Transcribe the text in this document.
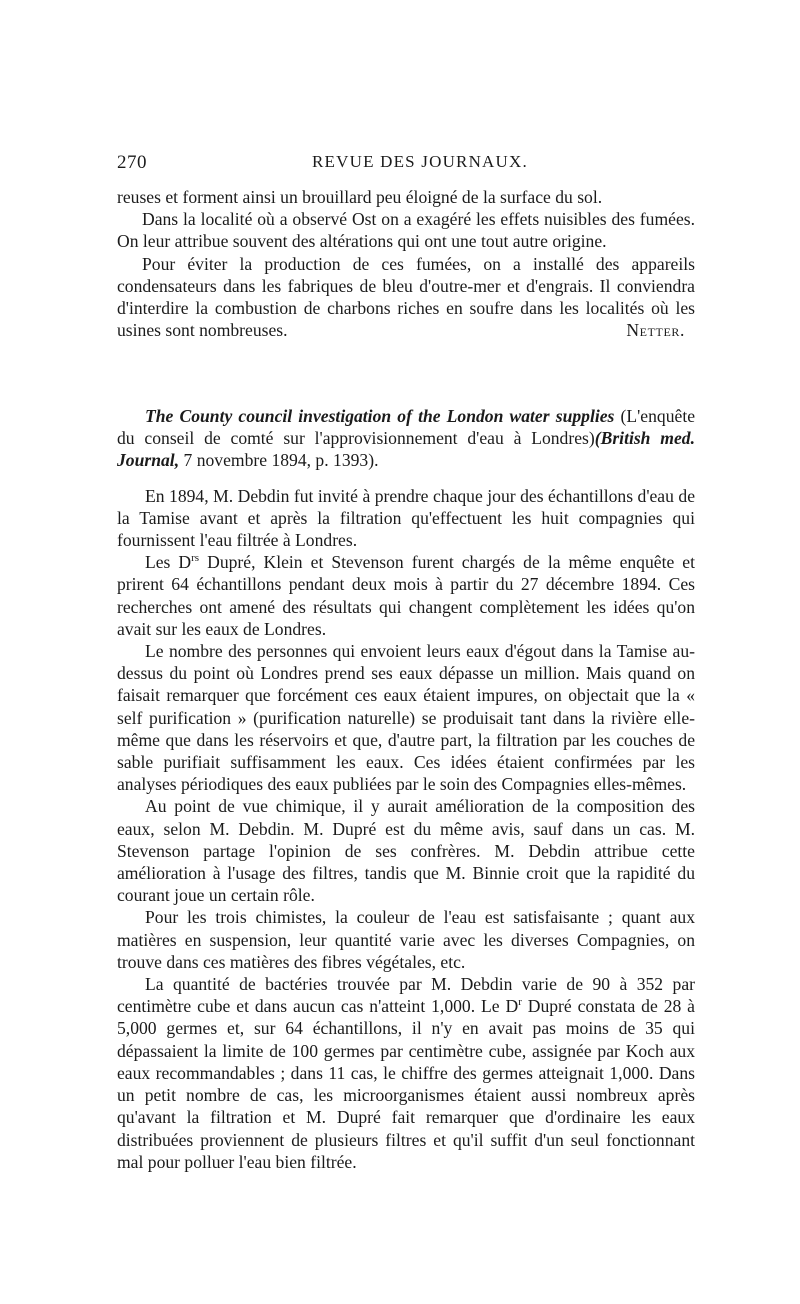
270	REVUE DES JOURNAUX.

reuses et forment ainsi un brouillard peu éloigné de la surface du sol.

Dans la localité où a observé Ost on a exagéré les effets nuisibles des fumées. On leur attribue souvent des altérations qui ont une tout autre origine.

Pour éviter la production de ces fumées, on a installé des appareils condensateurs dans les fabriques de bleu d'outre-mer et d'engrais. Il conviendra d'interdire la combustion de charbons riches en soufre dans les localités où les usines sont nombreuses.	Netter.

The County council investigation of the London water supplies (L'enquête du conseil de comté sur l'approvisionnement d'eau à Londres)(British med. Journal, 7 novembre 1894, p. 1393).

En 1894, M. Debdin fut invité à prendre chaque jour des échantillons d'eau de la Tamise avant et après la filtration qu'effectuent les huit compagnies qui fournissent l'eau filtrée à Londres.

Les $D^{rs}$ Dupré, Klein et Stevenson furent chargés de la même enquête et prirent 64 échantillons pendant deux mois à partir du 27 décembre 1894. Ces recherches ont amené des résultats qui changent complètement les idées qu'on avait sur les eaux de Londres.

Le nombre des personnes qui envoient leurs eaux d'égout dans la Tamise au-dessus du point où Londres prend ses eaux dépasse un million. Mais quand on faisait remarquer que forcément ces eaux étaient impures, on objectait que la « self purification » (purification naturelle) se produisait tant dans la rivière elle-même que dans les réservoirs et que, d'autre part, la filtration par les couches de sable purifiait suffisamment les eaux. Ces idées étaient confirmées par les analyses périodiques des eaux publiées par le soin des Compagnies elles-mêmes.

Au point de vue chimique, il y aurait amélioration de la composition des eaux, selon M. Debdin. M. Dupré est du même avis, sauf dans un cas. M. Stevenson partage l'opinion de ses confrères. M. Debdin attribue cette amélioration à l'usage des filtres, tandis que M. Binnie croit que la rapidité du courant joue un certain rôle.

Pour les trois chimistes, la couleur de l'eau est satisfaisante ; quant aux matières en suspension, leur quantité varie avec les diverses Compagnies, on trouve dans ces matières des fibres végétales, etc.

La quantité de bactéries trouvée par M. Debdin varie de 90 à 352 par centimètre cube et dans aucun cas n'atteint 1,000. Le $D^r$ Dupré constata de 28 à 5,000 germes et, sur 64 échantillons, il n'y en avait pas moins de 35 qui dépassaient la limite de 100 germes par centimètre cube, assignée par Koch aux eaux recommandables ; dans 11 cas, le chiffre des germes atteignait 1,000. Dans un petit nombre de cas, les microorganismes étaient aussi nombreux après qu'avant la filtration et M. Dupré fait remarquer que d'ordinaire les eaux distribuées proviennent de plusieurs filtres et qu'il suffit d'un seul fonctionnant mal pour polluer l'eau bien filtrée.
